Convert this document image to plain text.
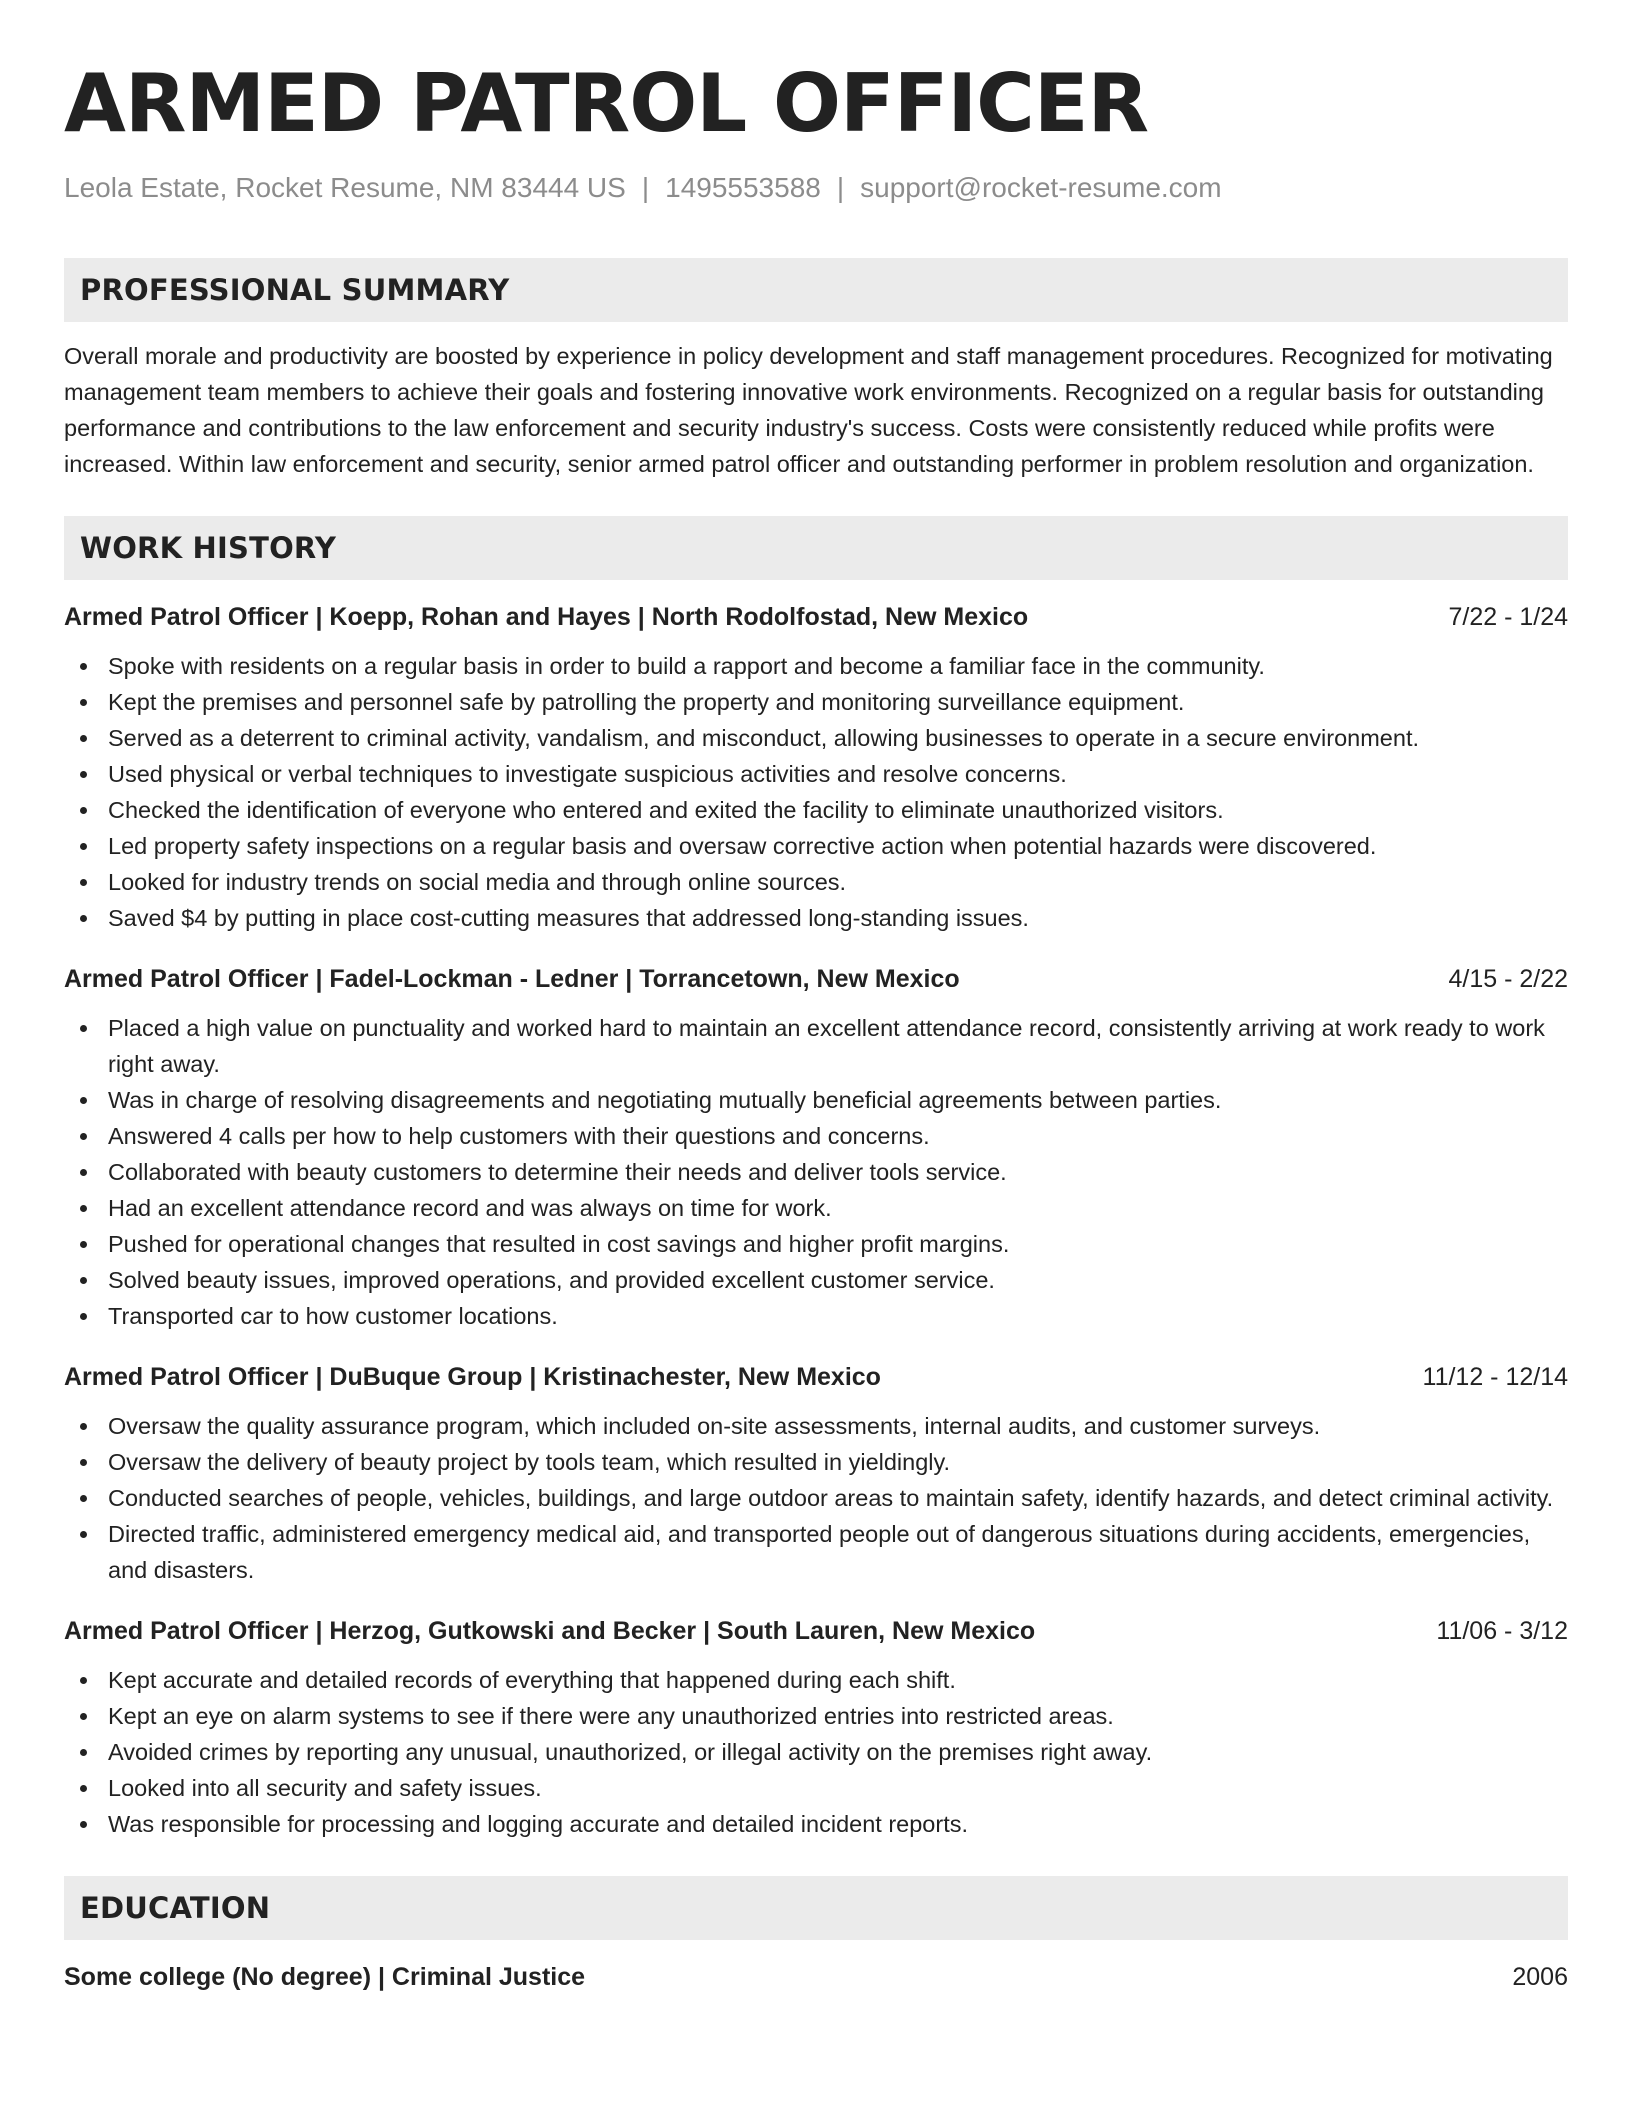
ARMED PATROL OFFICER
Leola Estate, Rocket Resume, NM 83444 US | 1495553588 | support@rocket-resume.com
PROFESSIONAL SUMMARY

Overall morale and productivity are boosted by experience in policy development and staff management procedures. Recognized for motivating management team members to achieve their goals and fostering innovative work environments. Recognized on a regular basis for outstanding performance and contributions to the law enforcement and security industry's success. Costs were consistently reduced while profits were increased. Within law enforcement and security, senior armed patrol officer and outstanding performer in problem resolution and organization.

WORK HISTORY
Armed Patrol Officer | Koepp, Rohan and Hayes | North Rodolfostad, New Mexico	7/22 - 1/24
Spoke with residents on a regular basis in order to build a rapport and become a familiar face in the community.
Kept the premises and personnel safe by patrolling the property and monitoring surveillance equipment.
Served as a deterrent to criminal activity, vandalism, and misconduct, allowing businesses to operate in a secure environment.
Used physical or verbal techniques to investigate suspicious activities and resolve concerns.
Checked the identification of everyone who entered and exited the facility to eliminate unauthorized visitors.
Led property safety inspections on a regular basis and oversaw corrective action when potential hazards were discovered.
Looked for industry trends on social media and through online sources.
Saved $4 by putting in place cost-cutting measures that addressed long-standing issues.
Armed Patrol Officer | Fadel-Lockman - Ledner | Torrancetown, New Mexico	4/15 - 2/22
Placed a high value on punctuality and worked hard to maintain an excellent attendance record, consistently arriving at work ready to work right away.
Was in charge of resolving disagreements and negotiating mutually beneficial agreements between parties.
Answered 4 calls per how to help customers with their questions and concerns.
Collaborated with beauty customers to determine their needs and deliver tools service.
Had an excellent attendance record and was always on time for work.
Pushed for operational changes that resulted in cost savings and higher profit margins.
Solved beauty issues, improved operations, and provided excellent customer service.
Transported car to how customer locations.
Armed Patrol Officer | DuBuque Group | Kristinachester, New Mexico	11/12 - 12/14
Oversaw the quality assurance program, which included on-site assessments, internal audits, and customer surveys.
Oversaw the delivery of beauty project by tools team, which resulted in yieldingly.
Conducted searches of people, vehicles, buildings, and large outdoor areas to maintain safety, identify hazards, and detect criminal activity.
Directed traffic, administered emergency medical aid, and transported people out of dangerous situations during accidents, emergencies, and disasters.
Armed Patrol Officer | Herzog, Gutkowski and Becker | South Lauren, New Mexico	11/06 - 3/12
Kept accurate and detailed records of everything that happened during each shift.
Kept an eye on alarm systems to see if there were any unauthorized entries into restricted areas.
Avoided crimes by reporting any unusual, unauthorized, or illegal activity on the premises right away.
Looked into all security and safety issues.
Was responsible for processing and logging accurate and detailed incident reports.
EDUCATION
Some college (No degree) | Criminal Justice	2006
